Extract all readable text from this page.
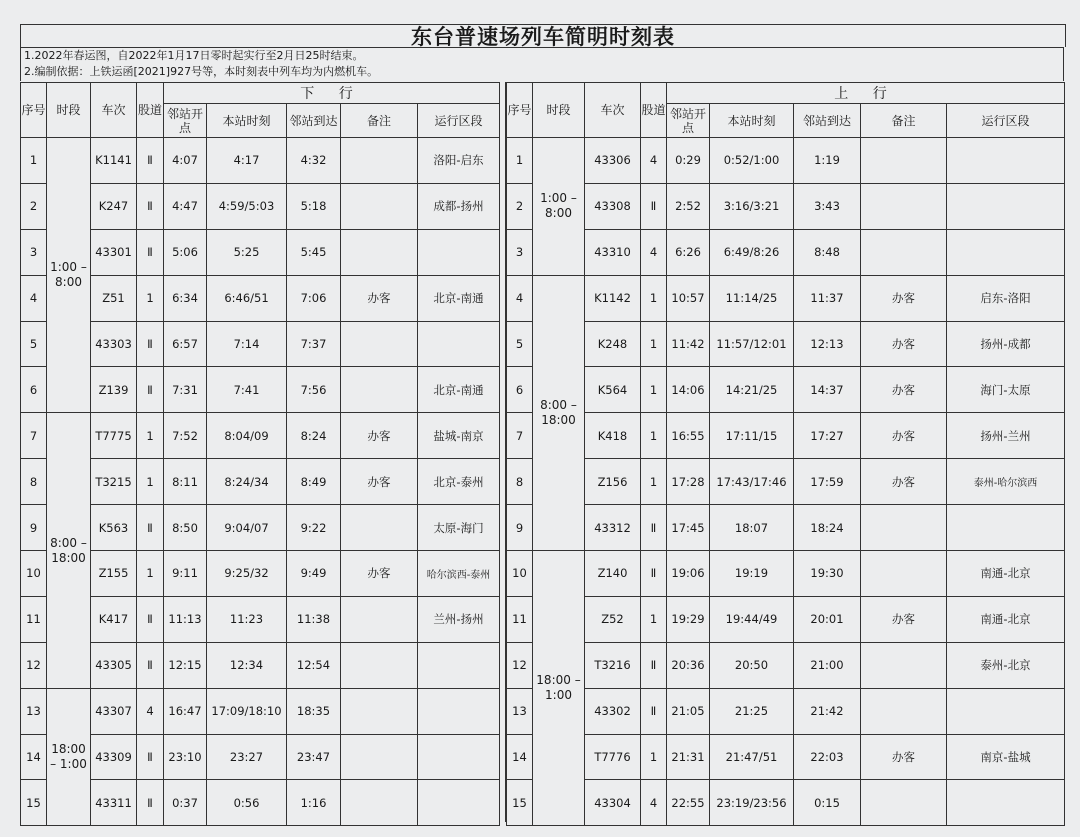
东台普速场列车简明时刻表
1.2022年春运图，自2022年1月17日零时起实行至2月日25时结束。
2.编制依据：上铁运函[2021]927号等，本时刻表中列车均为内燃机车。
序号	时段	车次	股道	下 行				
				邻站开点	本站时刻	邻站到达	备注	运行区段
1	1:00 – 8:00	K1141	Ⅱ	4:07	4:17	4:32		洛阳-启东
2		K247	Ⅱ	4:47	4:59/5:03	5:18		成都-扬州
3		43301	Ⅱ	5:06	5:25	5:45		
4		Z51	1	6:34	6:46/51	7:06	办客	北京-南通
5		43303	Ⅱ	6:57	7:14	7:37		
6		Z139	Ⅱ	7:31	7:41	7:56		北京-南通
7	8:00 – 18:00	T7775	1	7:52	8:04/09	8:24	办客	盐城-南京
8		T3215	1	8:11	8:24/34	8:49	办客	北京-泰州
9		K563	Ⅱ	8:50	9:04/07	9:22		太原-海门
10		Z155	1	9:11	9:25/32	9:49	办客	哈尔滨西-泰州
11		K417	Ⅱ	11:13	11:23	11:38		兰州-扬州
12		43305	Ⅱ	12:15	12:34	12:54		
13	18:00 – 1:00	43307	4	16:47	17:09/18:10	18:35		
14		43309	Ⅱ	23:10	23:27	23:47		
15		43311	Ⅱ	0:37	0:56	1:16		
序号	时段	车次	股道	上 行				
				邻站开点	本站时刻	邻站到达	备注	运行区段
1	1:00 – 8:00	43306	4	0:29	0:52/1:00	1:19		
2		43308	Ⅱ	2:52	3:16/3:21	3:43		
3		43310	4	6:26	6:49/8:26	8:48		
4	8:00 – 18:00	K1142	1	10:57	11:14/25	11:37	办客	启东-洛阳
5		K248	1	11:42	11:57/12:01	12:13	办客	扬州-成都
6		K564	1	14:06	14:21/25	14:37	办客	海门-太原
7		K418	1	16:55	17:11/15	17:27	办客	扬州-兰州
8		Z156	1	17:28	17:43/17:46	17:59	办客	泰州-哈尔滨西
9		43312	Ⅱ	17:45	18:07	18:24		
10	18:00 – 1:00	Z140	Ⅱ	19:06	19:19	19:30		南通-北京
11		Z52	1	19:29	19:44/49	20:01	办客	南通-北京
12		T3216	Ⅱ	20:36	20:50	21:00		泰州-北京
13		43302	Ⅱ	21:05	21:25	21:42		
14		T7776	1	21:31	21:47/51	22:03	办客	南京-盐城
15		43304	4	22:55	23:19/23:56	0:15		
